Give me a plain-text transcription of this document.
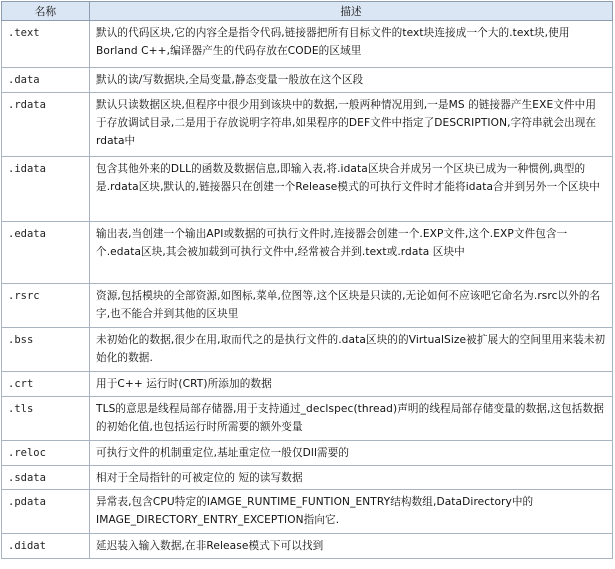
名称	描述
.text	默认的代码区块,它的内容全是指令代码,链接器把所有目标文件的text块连接成一个大的.text块,使用Borland C++,编译器产生的代码存放在CODE的区域里
.data	默认的读/写数据块,全局变量,静态变量一般放在这个区段
.rdata	默认只读数据区块,但程序中很少用到该块中的数据,一般两种情况用到,一是MS 的链接器产生EXE文件中用于存放调试目录,二是用于存放说明字符串,如果程序的DEF文件中指定了DESCRIPTION,字符串就会出现在rdata中
.idata	包含其他外来的DLL的函数及数据信息,即输入表,将.idata区块合并成另一个区块已成为一种惯例,典型的是.rdata区块,默认的,链接器只在创建一个Release模式的可执行文件时才能将idata合并到另外一个区块中
.edata	输出表,当创建一个输出API或数据的可执行文件时,连接器会创建一个.EXP文件,这个.EXP文件包含一个.edata区块,其会被加载到可执行文件中,经常被合并到.text或.rdata 区块中
.rsrc	资源,包括模块的全部资源,如图标,菜单,位图等,这个区块是只读的,无论如何不应该吧它命名为.rsrc以外的名字,也不能合并到其他的区块里
.bss	未初始化的数据,很少在用,取而代之的是执行文件的.data区块的的VirtualSize被扩展大的空间里用来装未初始化的数据.
.crt	用于C++ 运行时(CRT)所添加的数据
.tls	TLS的意思是线程局部存储器,用于支持通过_declspec(thread)声明的线程局部存储变量的数据,这包括数据的初始化值,也包括运行时所需要的额外变量
.reloc	可执行文件的机制重定位,基址重定位一般仅Dll需要的
.sdata	相对于全局指针的可被定位的 短的读写数据
.pdata	异常表,包含CPU特定的IAMGE_RUNTIME_FUNTION_ENTRY结构数组,DataDirectory中的IMAGE_DIRECTORY_ENTRY_EXCEPTION指向它.
.didat	延迟装入输入数据,在非Release模式下可以找到
